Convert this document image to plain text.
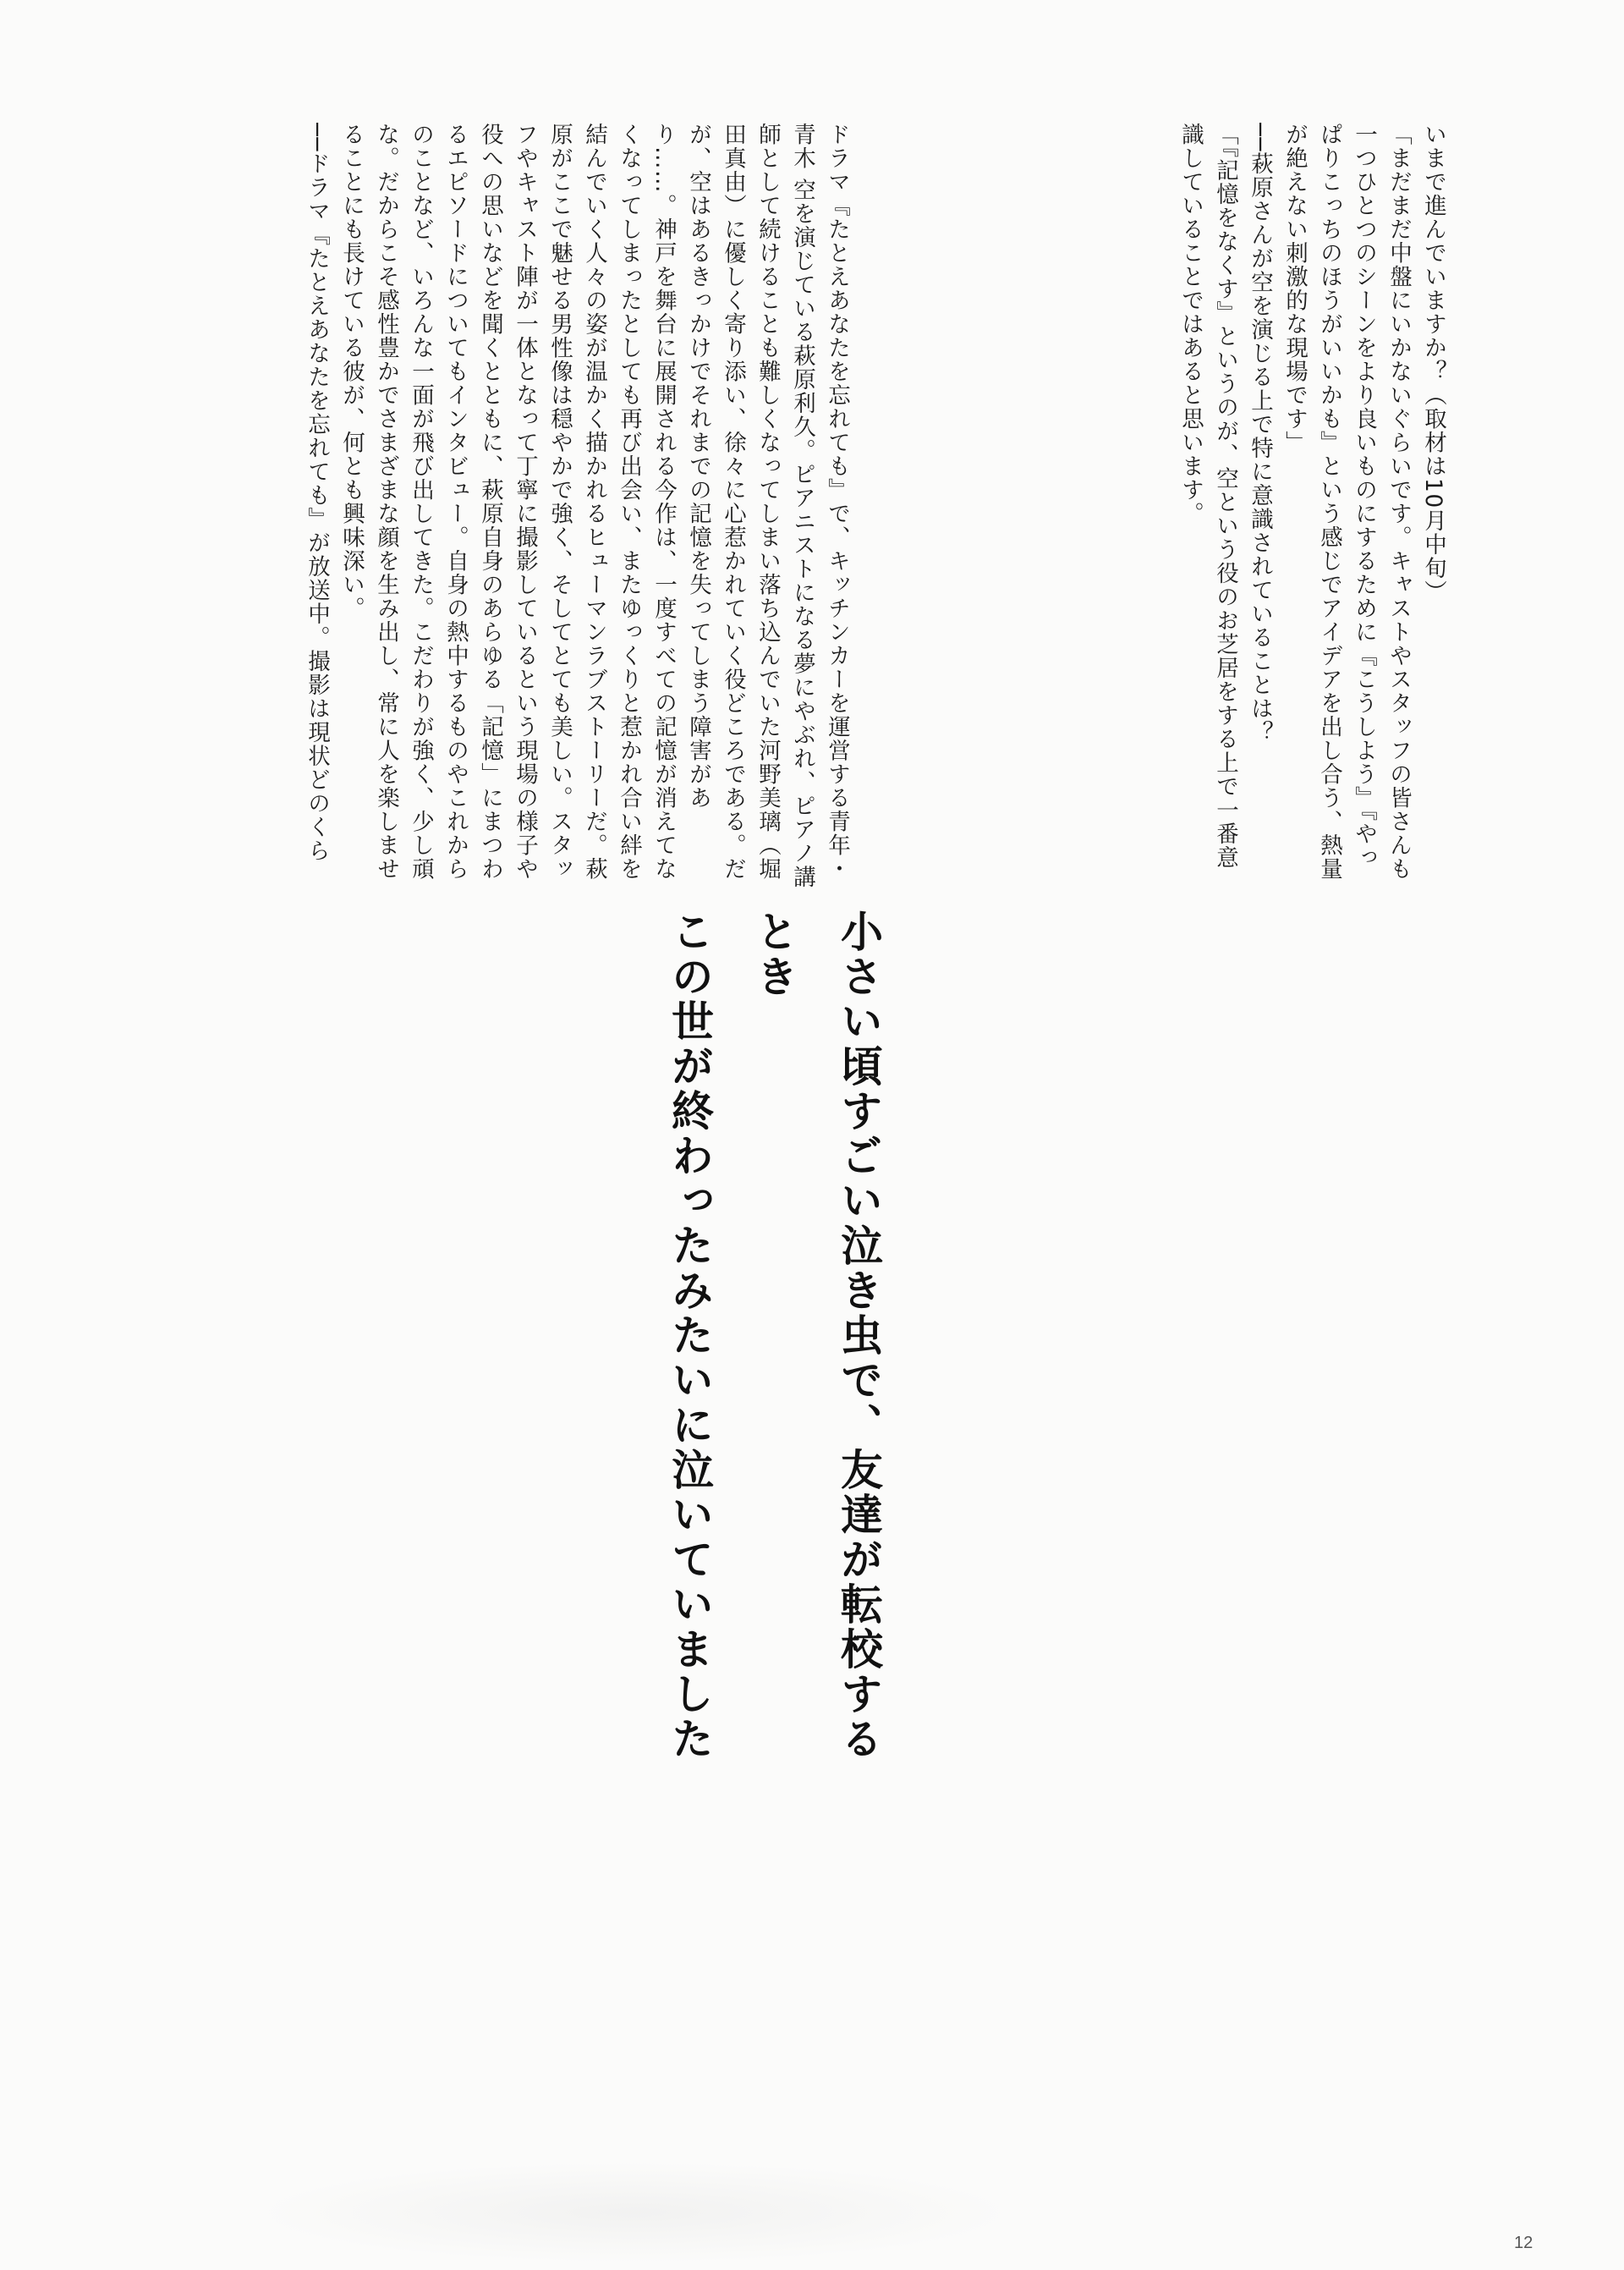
いまで進んでいますか？（取材は10月中旬）
「まだまだ中盤にいかないぐらいです。キャストやスタッフの皆さんも一つひとつのシーンをより良いものにするために『こうしよう』『やっぱりこっちのほうがいいかも』という感じでアイデアを出し合う、熱量が絶えない刺激的な現場です」
──萩原さんが空を演じる上で特に意識されていることは？
「『記憶をなくす』というのが、空という役のお芝居をする上で一番意識していることではあると思います。
ドラマ『たとえあなたを忘れても』で、キッチンカーを運営する青年・青木 空を演じている萩原利久。ピアニストになる夢にやぶれ、ピアノ講師として続けることも難しくなってしまい落ち込んでいた河野美璃（堀田真由）に優しく寄り添い、徐々に心惹かれていく役どころである。だが、空はあるきっかけでそれまでの記憶を失ってしまう障害があり……。神戸を舞台に展開される今作は、一度すべての記憶が消えてなくなってしまったとしても再び出会い、またゆっくりと惹かれ合い絆を結んでいく人々の姿が温かく描かれるヒューマンラブストーリーだ。萩原がここで魅せる男性像は穏やかで強く、そしてとても美しい。スタッフやキャスト陣が一体となって丁寧に撮影しているという現場の様子や役への思いなどを聞くとともに、萩原自身のあらゆる「記憶」にまつわるエピソードについてもインタビュー。自身の熱中するものやこれからのことなど、いろんな一面が飛び出してきた。こだわりが強く、少し頑な。だからこそ感性豊かでさまざまな顔を生み出し、常に人を楽しませることにも長けている彼が、何とも興味深い。
──ドラマ『たとえあなたを忘れても』が放送中。撮影は現状どのくら
小さい頃すごい泣き虫で、友達が転校するとき
この世が終わったみたいに泣いていました
12
